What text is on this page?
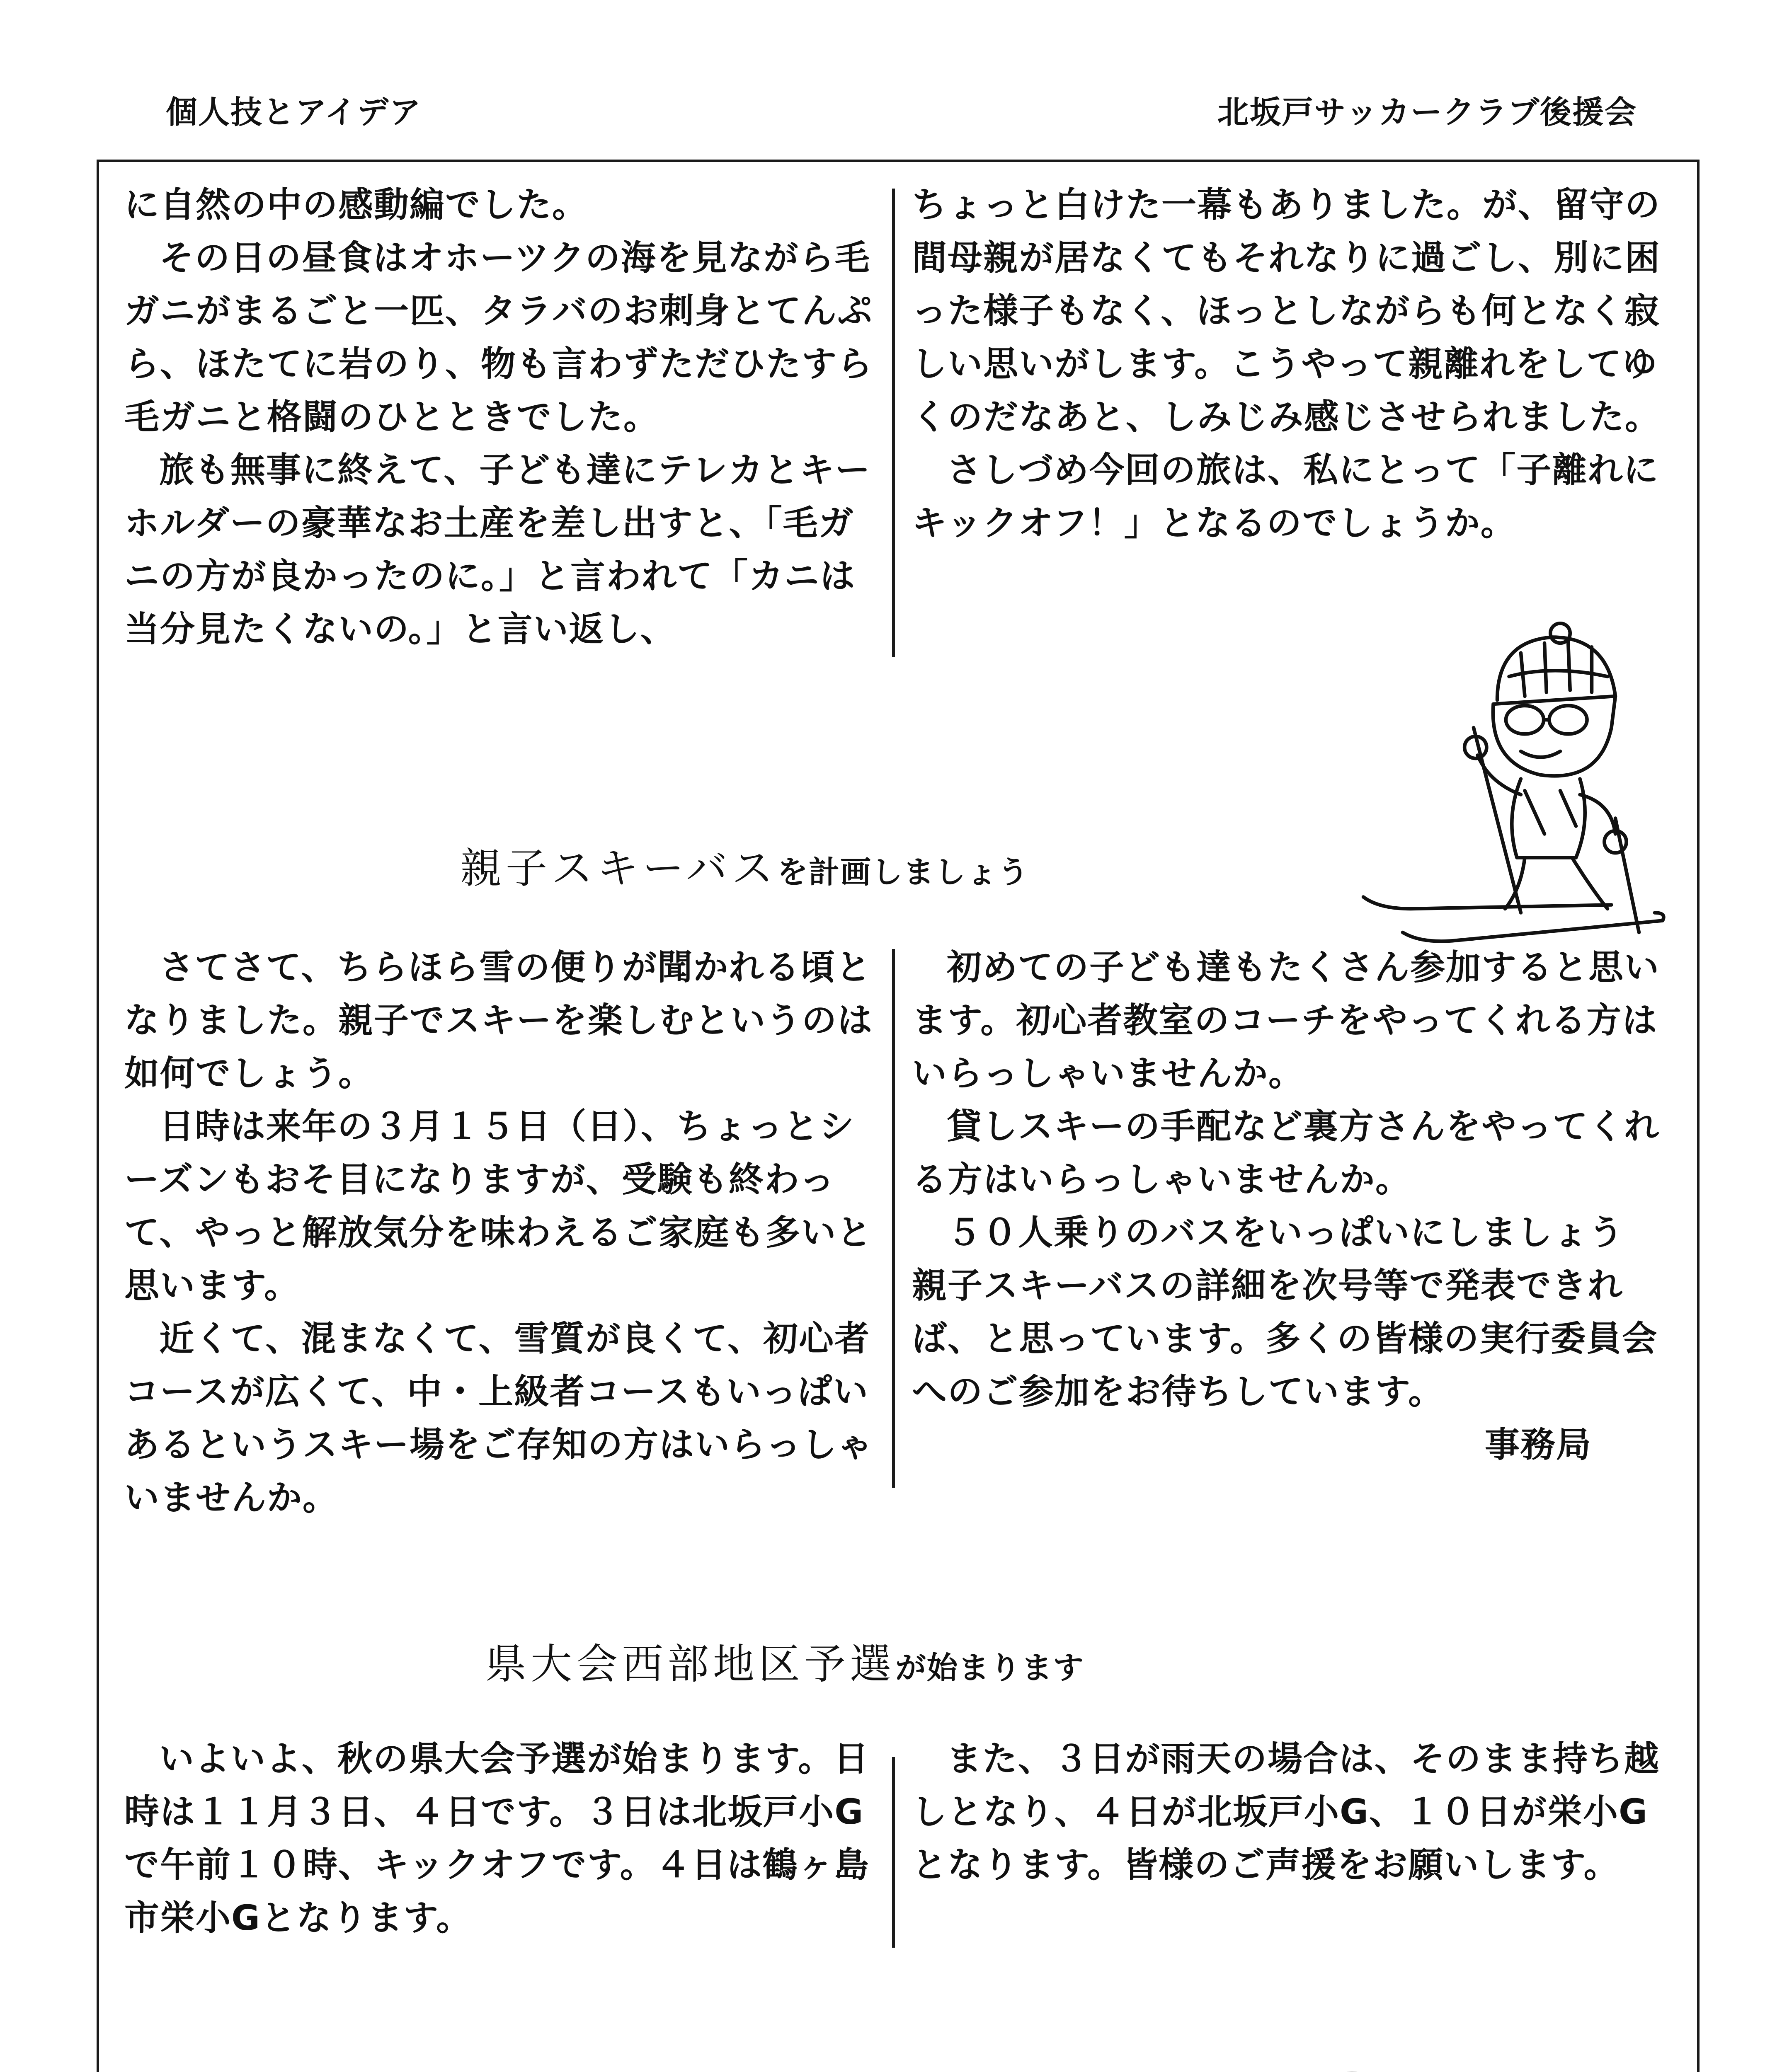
個人技とアイデア	北坂戸サッカークラブ後援会

に自然の中の感動編でした。

その日の昼食はオホーツクの海を見ながら毛ガニがまるごと一匹、タラバのお刺身とてんぷら、ほたてに岩のり、物も言わずただひたすら毛ガニと格闘のひとときでした。

旅も無事に終えて、子ども達にテレカとキーホルダーの豪華なお土産を差し出すと、「毛ガニの方が良かったのに。」と言われて「カニは当分見たくないの。」と言い返し、

ちょっと白けた一幕もありました。が、留守の間母親が居なくてもそれなりに過ごし、別に困った様子もなく、ほっとしながらも何となく寂しい思いがします。こうやって親離れをしてゆくのだなあと、しみじみ感じさせられました。

さしづめ今回の旅は、私にとって「子離れにキックオフ！」となるのでしょうか。

親子スキーバスを計画しましょう

さてさて、ちらほら雪の便りが聞かれる頃となりました。親子でスキーを楽しむというのは如何でしょう。

日時は来年の３月１５日（日）、ちょっとシーズンもおそ目になりますが、受験も終わって、やっと解放気分を味わえるご家庭も多いと思います。

近くて、混まなくて、雪質が良くて、初心者コースが広くて、中・上級者コースもいっぱいあるというスキー場をご存知の方はいらっしゃいませんか。

初めての子ども達もたくさん参加すると思います。初心者教室のコーチをやってくれる方はいらっしゃいませんか。

貸しスキーの手配など裏方さんをやってくれる方はいらっしゃいませんか。

５０人乗りのバスをいっぱいにしましょう

親子スキーバスの詳細を次号等で発表できれば、と思っています。多くの皆様の実行委員会へのご参加をお待ちしています。

事務局

県大会西部地区予選が始まります

いよいよ、秋の県大会予選が始まります。日時は１１月３日、４日です。３日は北坂戸小Gで午前１０時、キックオフです。４日は鶴ヶ島市栄小Gとなります。

また、３日が雨天の場合は、そのまま持ち越しとなり、４日が北坂戸小G、１０日が栄小Gとなります。皆様のご声援をお願いします。
